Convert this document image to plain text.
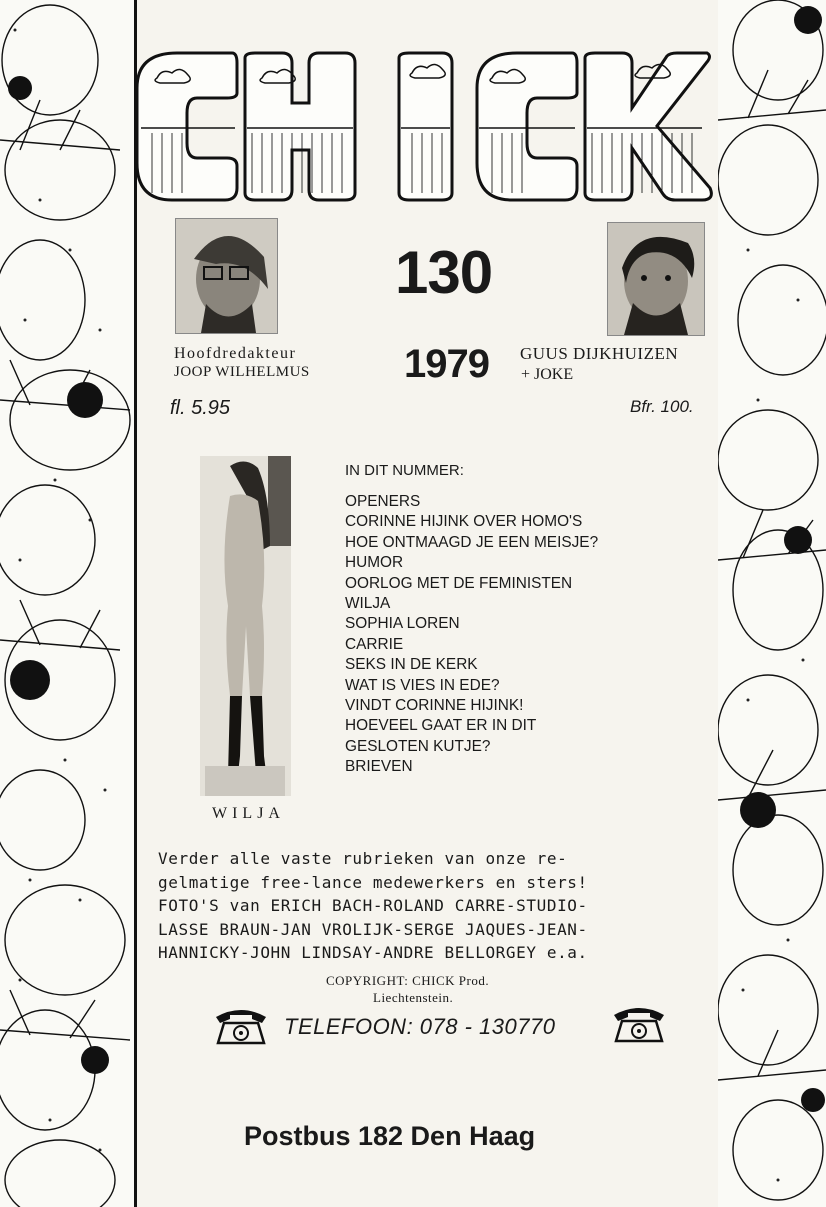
130
1979
Hoofdredakteur
JOOP WILHELMUS
GUUS DIJKHUIZEN
+ JOKE
fl. 5.95	Bfr. 100.
IN DIT NUMMER:
OPENERS
CORINNE HIJINK OVER HOMO'S
HOE ONTMAAGD JE EEN MEISJE?
HUMOR
OORLOG MET DE FEMINISTEN
WILJA
SOPHIA LOREN
CARRIE
SEKS IN DE KERK
WAT IS VIES IN EDE?
VINDT CORINNE HIJINK!
HOEVEEL GAAT ER IN DIT
GESLOTEN KUTJE?
BRIEVEN
WILJA
Verder alle vaste rubrieken van onze re-
gelmatige free-lance medewerkers en sters!
FOTO'S van ERICH BACH-ROLAND CARRE-STUDIO-
LASSE BRAUN-JAN VROLIJK-SERGE JAQUES-JEAN-
HANNICKY-JOHN LINDSAY-ANDRE BELLORGEY e.a.
COPYRIGHT: CHICK Prod.
Liechtenstein.
TELEFOON: 078 - 130770
Postbus 182 Den Haag
